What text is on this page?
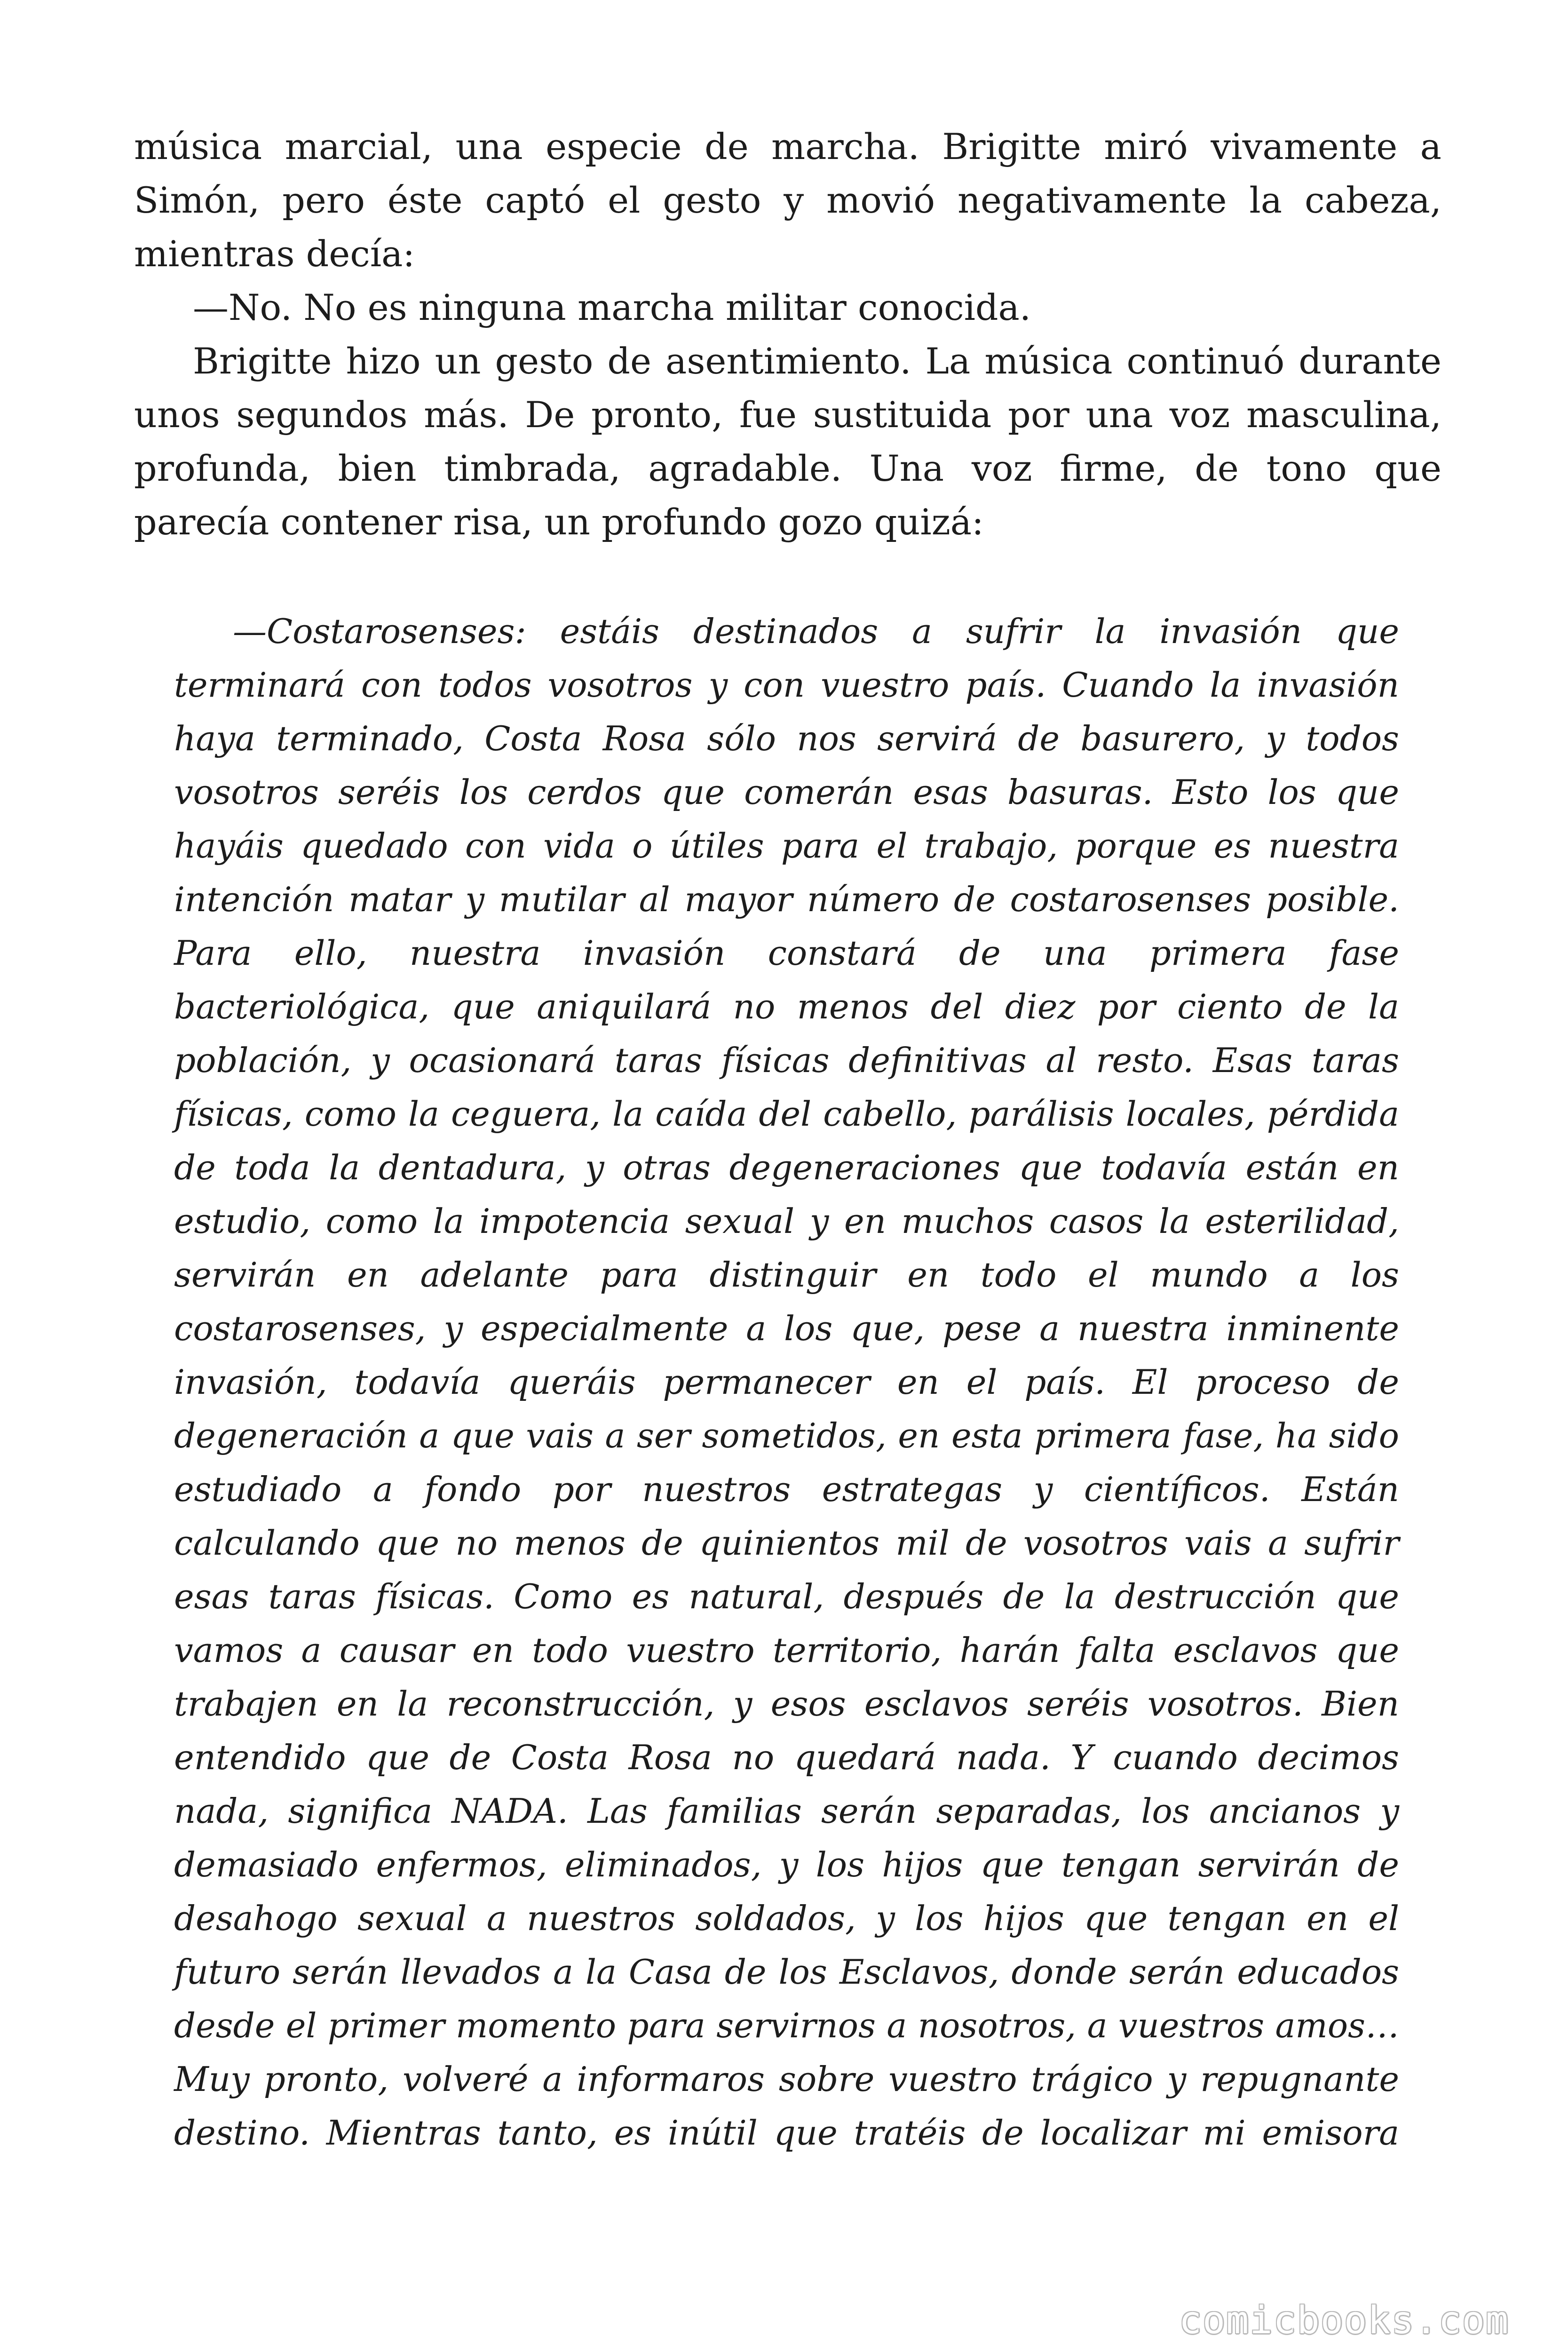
música marcial, una especie de marcha. Brigitte miró vivamente a Simón, pero éste captó el gesto y movió negativamente la cabeza, mientras decía:

—No. No es ninguna marcha militar conocida.

Brigitte hizo un gesto de asentimiento. La música continuó durante unos segundos más. De pronto, fue sustituida por una voz masculina, profunda, bien timbrada, agradable. Una voz firme, de tono que parecía contener risa, un profundo gozo quizá:

—Costarosenses: estáis destinados a sufrir la invasión que terminará con todos vosotros y con vuestro país. Cuando la invasión haya terminado, Costa Rosa sólo nos servirá de basurero, y todos vosotros seréis los cerdos que comerán esas basuras. Esto los que hayáis quedado con vida o útiles para el trabajo, porque es nuestra intención matar y mutilar al mayor número de costarosenses posible. Para ello, nuestra invasión constará de una primera fase bacteriológica, que aniquilará no menos del diez por ciento de la población, y ocasionará taras físicas definitivas al resto. Esas taras físicas, como la ceguera, la caída del cabello, parálisis locales, pérdida de toda la dentadura, y otras degeneraciones que todavía están en estudio, como la impotencia sexual y en muchos casos la esterilidad, servirán en adelante para distinguir en todo el mundo a los costarosenses, y especialmente a los que, pese a nuestra inminente invasión, todavía queráis permanecer en el país. El proceso de degeneración a que vais a ser sometidos, en esta primera fase, ha sido estudiado a fondo por nuestros estrategas y científicos. Están calculando que no menos de quinientos mil de vosotros vais a sufrir esas taras físicas. Como es natural, después de la destrucción que vamos a causar en todo vuestro territorio, harán falta esclavos que trabajen en la reconstrucción, y esos esclavos seréis vosotros. Bien entendido que de Costa Rosa no quedará nada. Y cuando decimos nada, significa NADA. Las familias serán separadas, los ancianos y demasiado enfermos, eliminados, y los hijos que tengan servirán de desahogo sexual a nuestros soldados, y los hijos que tengan en el futuro serán llevados a la Casa de los Esclavos, donde serán educados desde el primer momento para servirnos a nosotros, a vuestros amos… Muy pronto, volveré a informaros sobre vuestro trágico y repugnante destino. Mientras tanto, es inútil que tratéis de localizar mi emisora

comicbooks.com
